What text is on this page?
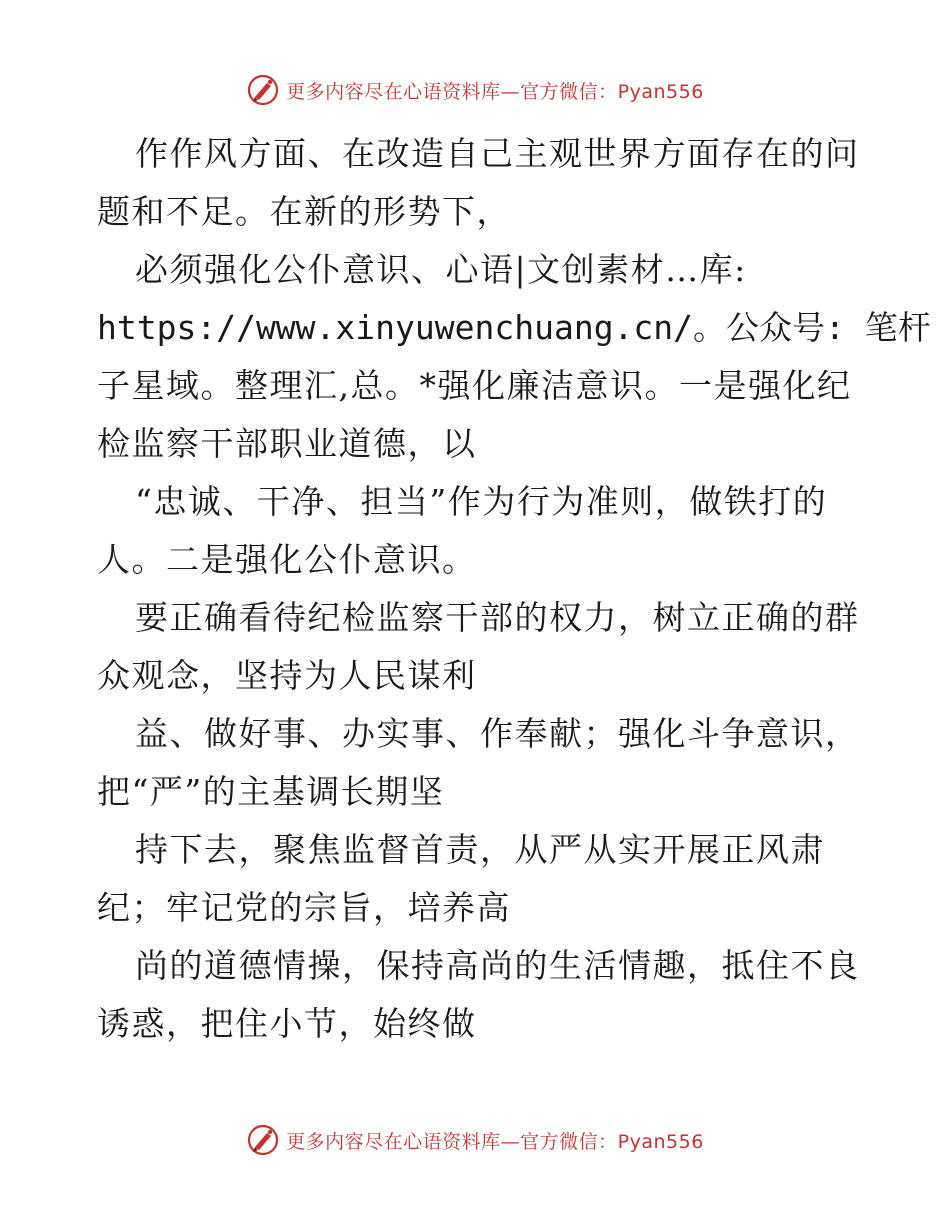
更多内容尽在心语资料库—官方微信：Pyan556
作作风方面、在改造自己主观世界方面存在的问
题和不足。在新的形势下，
必须强化公仆意识、心语|文创素材…库:
https://www.xinyuwenchuang.cn/。公众号: 笔杆
子星域。整理汇,总。*强化廉洁意识。一是强化纪
检监察干部职业道德，以
“忠诚、干净、担当”作为行为准则，做铁打的
人。二是强化公仆意识。
要正确看待纪检监察干部的权力，树立正确的群
众观念，坚持为人民谋利
益、做好事、办实事、作奉献；强化斗争意识，
把“严”的主基调长期坚
持下去，聚焦监督首责，从严从实开展正风肃
纪；牢记党的宗旨，培养高
尚的道德情操，保持高尚的生活情趣，抵住不良
诱惑，把住小节，始终做
更多内容尽在心语资料库—官方微信：Pyan556
